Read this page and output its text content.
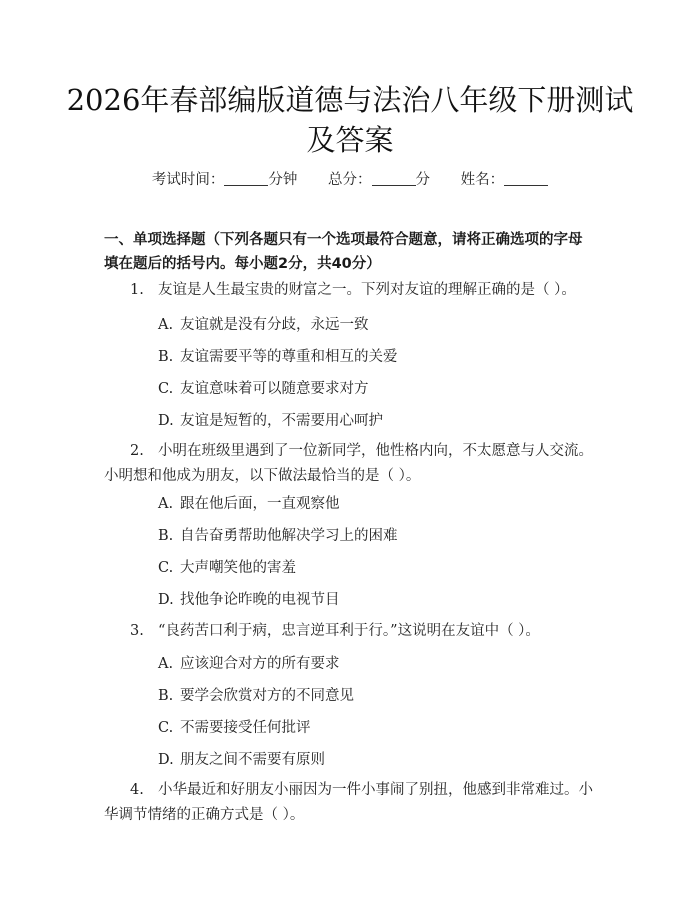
2026年春部编版道德与法治八年级下册测试
及答案
考试时间：	分钟 总分：	分 姓名：
一、单项选择题（下列各题只有一个选项最符合题意，请将正确选项的字母填在题后的括号内。每小题2分，共40分）
1. 友谊是人生最宝贵的财富之一。下列对友谊的理解正确的是（ ）。
A. 友谊就是没有分歧，永远一致
B. 友谊需要平等的尊重和相互的关爱
C. 友谊意味着可以随意要求对方
D. 友谊是短暂的，不需要用心呵护
2. 小明在班级里遇到了一位新同学，他性格内向，不太愿意与人交流。小明想和他成为朋友，以下做法最恰当的是（ ）。
A. 跟在他后面，一直观察他
B. 自告奋勇帮助他解决学习上的困难
C. 大声嘲笑他的害羞
D. 找他争论昨晚的电视节目
3. “良药苦口利于病，忠言逆耳利于行。”这说明在友谊中（ ）。
A. 应该迎合对方的所有要求
B. 要学会欣赏对方的不同意见
C. 不需要接受任何批评
D. 朋友之间不需要有原则
4. 小华最近和好朋友小丽因为一件小事闹了别扭，他感到非常难过。小华调节情绪的正确方式是（ ）。
